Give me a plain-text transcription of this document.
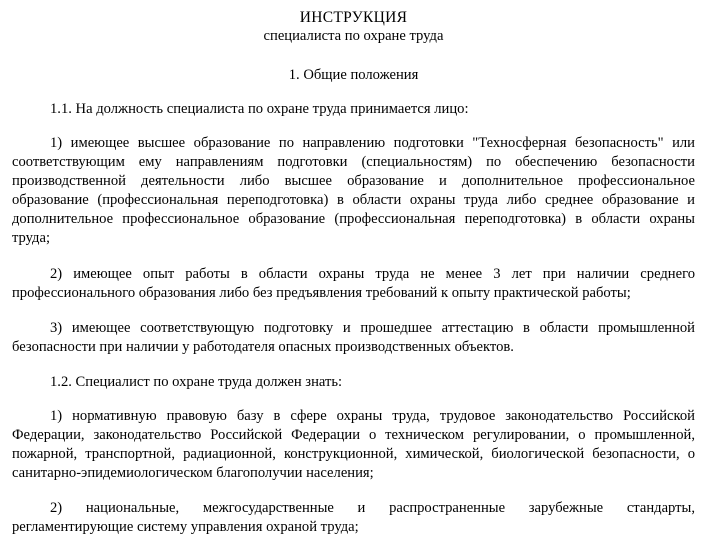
ИНСТРУКЦИЯ

специалиста по охране труда

1. Общие положения

1.1. На должность специалиста по охране труда принимается лицо:

1) имеющее высшее образование по направлению подготовки "Техносферная безопасность" или соответствующим ему направлениям подготовки (специальностям) по обеспечению безопасности производственной деятельности либо высшее образование и дополнительное профессиональное образование (профессиональная переподготовка) в области охраны труда либо среднее образование и дополнительное профессиональное образование (профессиональная переподготовка) в области охраны труда;

2) имеющее опыт работы в области охраны труда не менее 3 лет при наличии среднего профессионального образования либо без предъявления требований к опыту практической работы;

3) имеющее соответствующую подготовку и прошедшее аттестацию в области промышленной безопасности при наличии у работодателя опасных производственных объектов.

1.2. Специалист по охране труда должен знать:

1) нормативную правовую базу в сфере охраны труда, трудовое законодательство Российской Федерации, законодательство Российской Федерации о техническом регулировании, о промышленной, пожарной, транспортной, радиационной, конструкционной, химической, биологической безопасности, о санитарно-эпидемиологическом благополучии населения;

2) национальные, межгосударственные и распространенные зарубежные стандарты, регламентирующие систему управления охраной труда;
